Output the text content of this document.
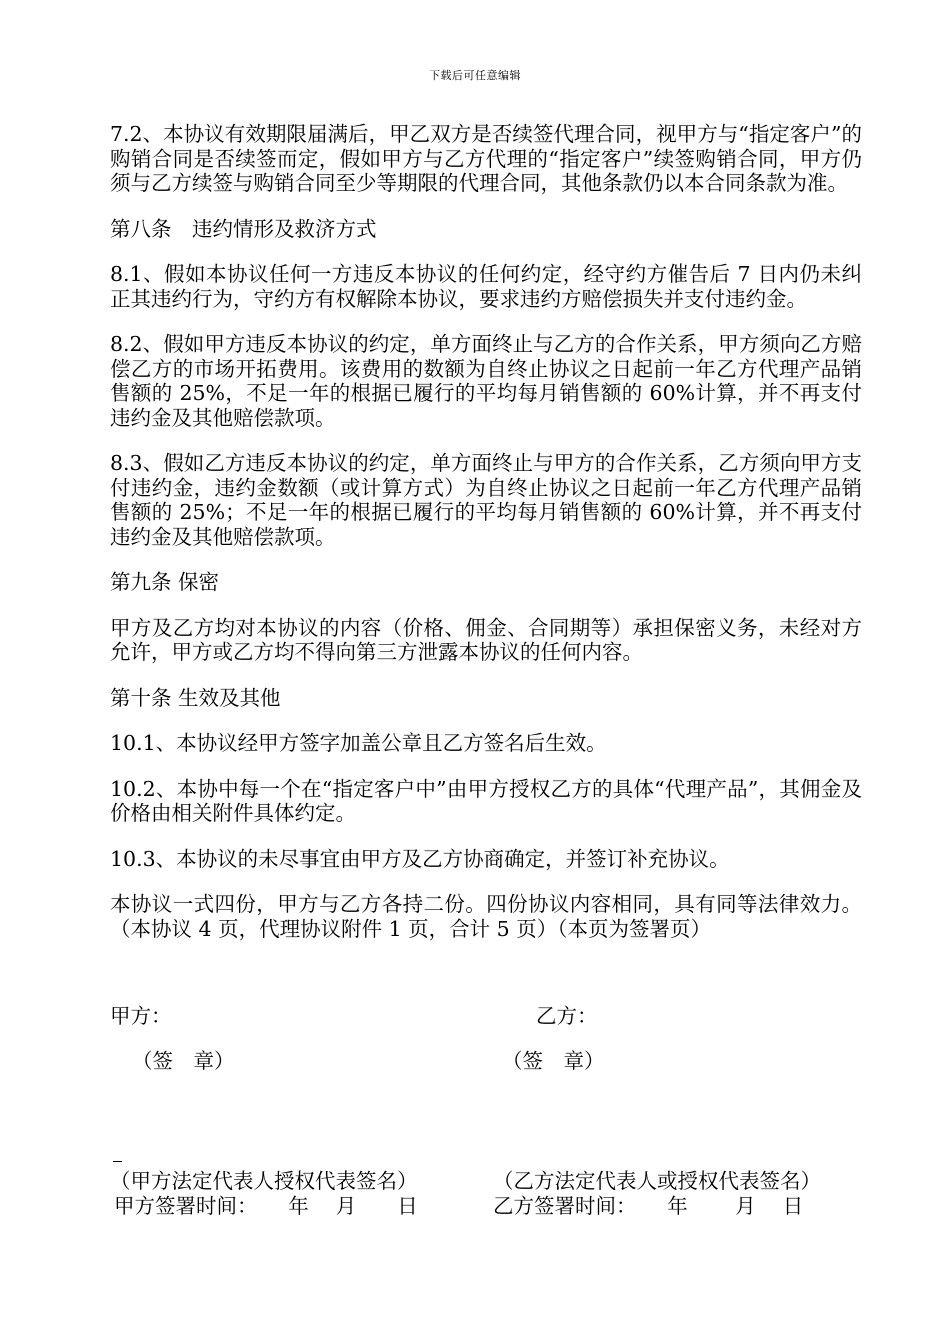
下载后可任意编辑

7.2、本协议有效期限届满后，甲乙双方是否续签代理合同，视甲方与“指定客户”的购销合同是否续签而定，假如甲方与乙方代理的“指定客户”续签购销合同，甲方仍须与乙方续签与购销合同至少等期限的代理合同，其他条款仍以本合同条款为准。

第八条　违约情形及救济方式

8.1、假如本协议任何一方违反本协议的任何约定，经守约方催告后 7 日内仍未纠正其违约行为，守约方有权解除本协议，要求违约方赔偿损失并支付违约金。

8.2、假如甲方违反本协议的约定，单方面终止与乙方的合作关系，甲方须向乙方赔偿乙方的市场开拓费用。该费用的数额为自终止协议之日起前一年乙方代理产品销售额的 25%，不足一年的根据已履行的平均每月销售额的 60%计算，并不再支付违约金及其他赔偿款项。

8.3、假如乙方违反本协议的约定，单方面终止与甲方的合作关系，乙方须向甲方支付违约金，违约金数额（或计算方式）为自终止协议之日起前一年乙方代理产品销售额的 25%；不足一年的根据已履行的平均每月销售额的 60%计算，并不再支付违约金及其他赔偿款项。

第九条 保密

甲方及乙方均对本协议的内容（价格、佣金、合同期等）承担保密义务，未经对方允许，甲方或乙方均不得向第三方泄露本协议的任何内容。

第十条 生效及其他

10.1、本协议经甲方签字加盖公章且乙方签名后生效。

10.2、本协中每一个在“指定客户中”由甲方授权乙方的具体“代理产品”，其佣金及价格由相关附件具体约定。

10.3、本协议的未尽事宜由甲方及乙方协商确定，并签订补充协议。

本协议一式四份，甲方与乙方各持二份。四份协议内容相同，具有同等法律效力。（本协议 4 页，代理协议附件 1 页，合计 5 页）（本页为签署页）

甲方：	乙方：
（签　章）	（签　章）
（甲方法定代表人授权代表签名）	（乙方法定代表人或授权代表签名）
甲方签署时间：　　年　 月　　日	乙方签署时间：　　年　　 月　 日
